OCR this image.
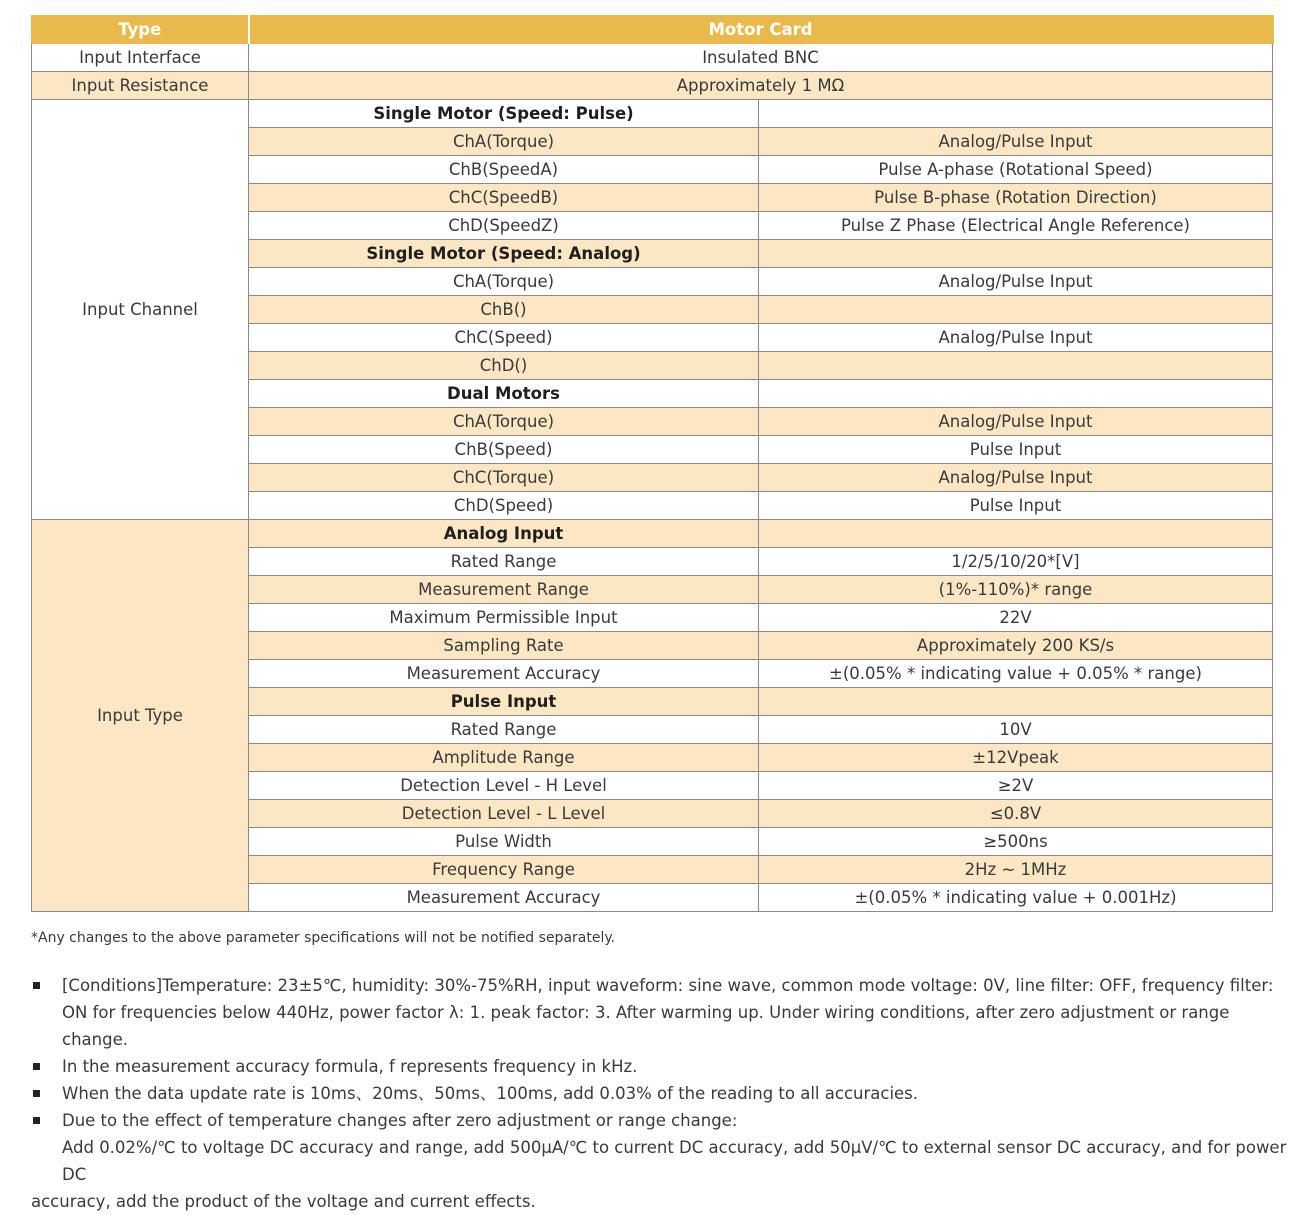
Type	Motor Card	
Input Interface	Insulated BNC	
Input Resistance	Approximately 1 MΩ	
Input Channel	Single Motor (Speed: Pulse)	
	ChA(Torque)	Analog/Pulse Input
	ChB(SpeedA)	Pulse A-phase (Rotational Speed)
	ChC(SpeedB)	Pulse B-phase (Rotation Direction)
	ChD(SpeedZ)	Pulse Z Phase (Electrical Angle Reference)
	Single Motor (Speed: Analog)	
	ChA(Torque)	Analog/Pulse Input
	ChB()	
	ChC(Speed)	Analog/Pulse Input
	ChD()	
	Dual Motors	
	ChA(Torque)	Analog/Pulse Input
	ChB(Speed)	Pulse Input
	ChC(Torque)	Analog/Pulse Input
	ChD(Speed)	Pulse Input
Input Type	Analog Input	
	Rated Range	1/2/5/10/20*[V]
	Measurement Range	(1%-110%)* range
	Maximum Permissible Input	22V
	Sampling Rate	Approximately 200 KS/s
	Measurement Accuracy	±(0.05% * indicating value + 0.05% * range)
	Pulse Input	
	Rated Range	10V
	Amplitude Range	±12Vpeak
	Detection Level - H Level	≥2V
	Detection Level - L Level	≤0.8V
	Pulse Width	≥500ns
	Frequency Range	2Hz ~ 1MHz
	Measurement Accuracy	±(0.05% * indicating value + 0.001Hz)
*Any changes to the above parameter specifications will not be notified separately.
[Conditions]Temperature: 23±5℃, humidity: 30%-75%RH, input waveform: sine wave, common mode voltage: 0V, line filter: OFF, frequency filter:
ON for frequencies below 440Hz, power factor λ: 1. peak factor: 3. After warming up. Under wiring conditions, after zero adjustment or range change.
In the measurement accuracy formula, f represents frequency in kHz.
When the data update rate is 10ms、20ms、50ms、100ms, add 0.03% of the reading to all accuracies.
Due to the effect of temperature changes after zero adjustment or range change:
Add 0.02%/℃ to voltage DC accuracy and range, add 500μA/℃ to current DC accuracy, add 50μV/℃ to external sensor DC accuracy, and for power DC
accuracy, add the product of the voltage and current effects.
